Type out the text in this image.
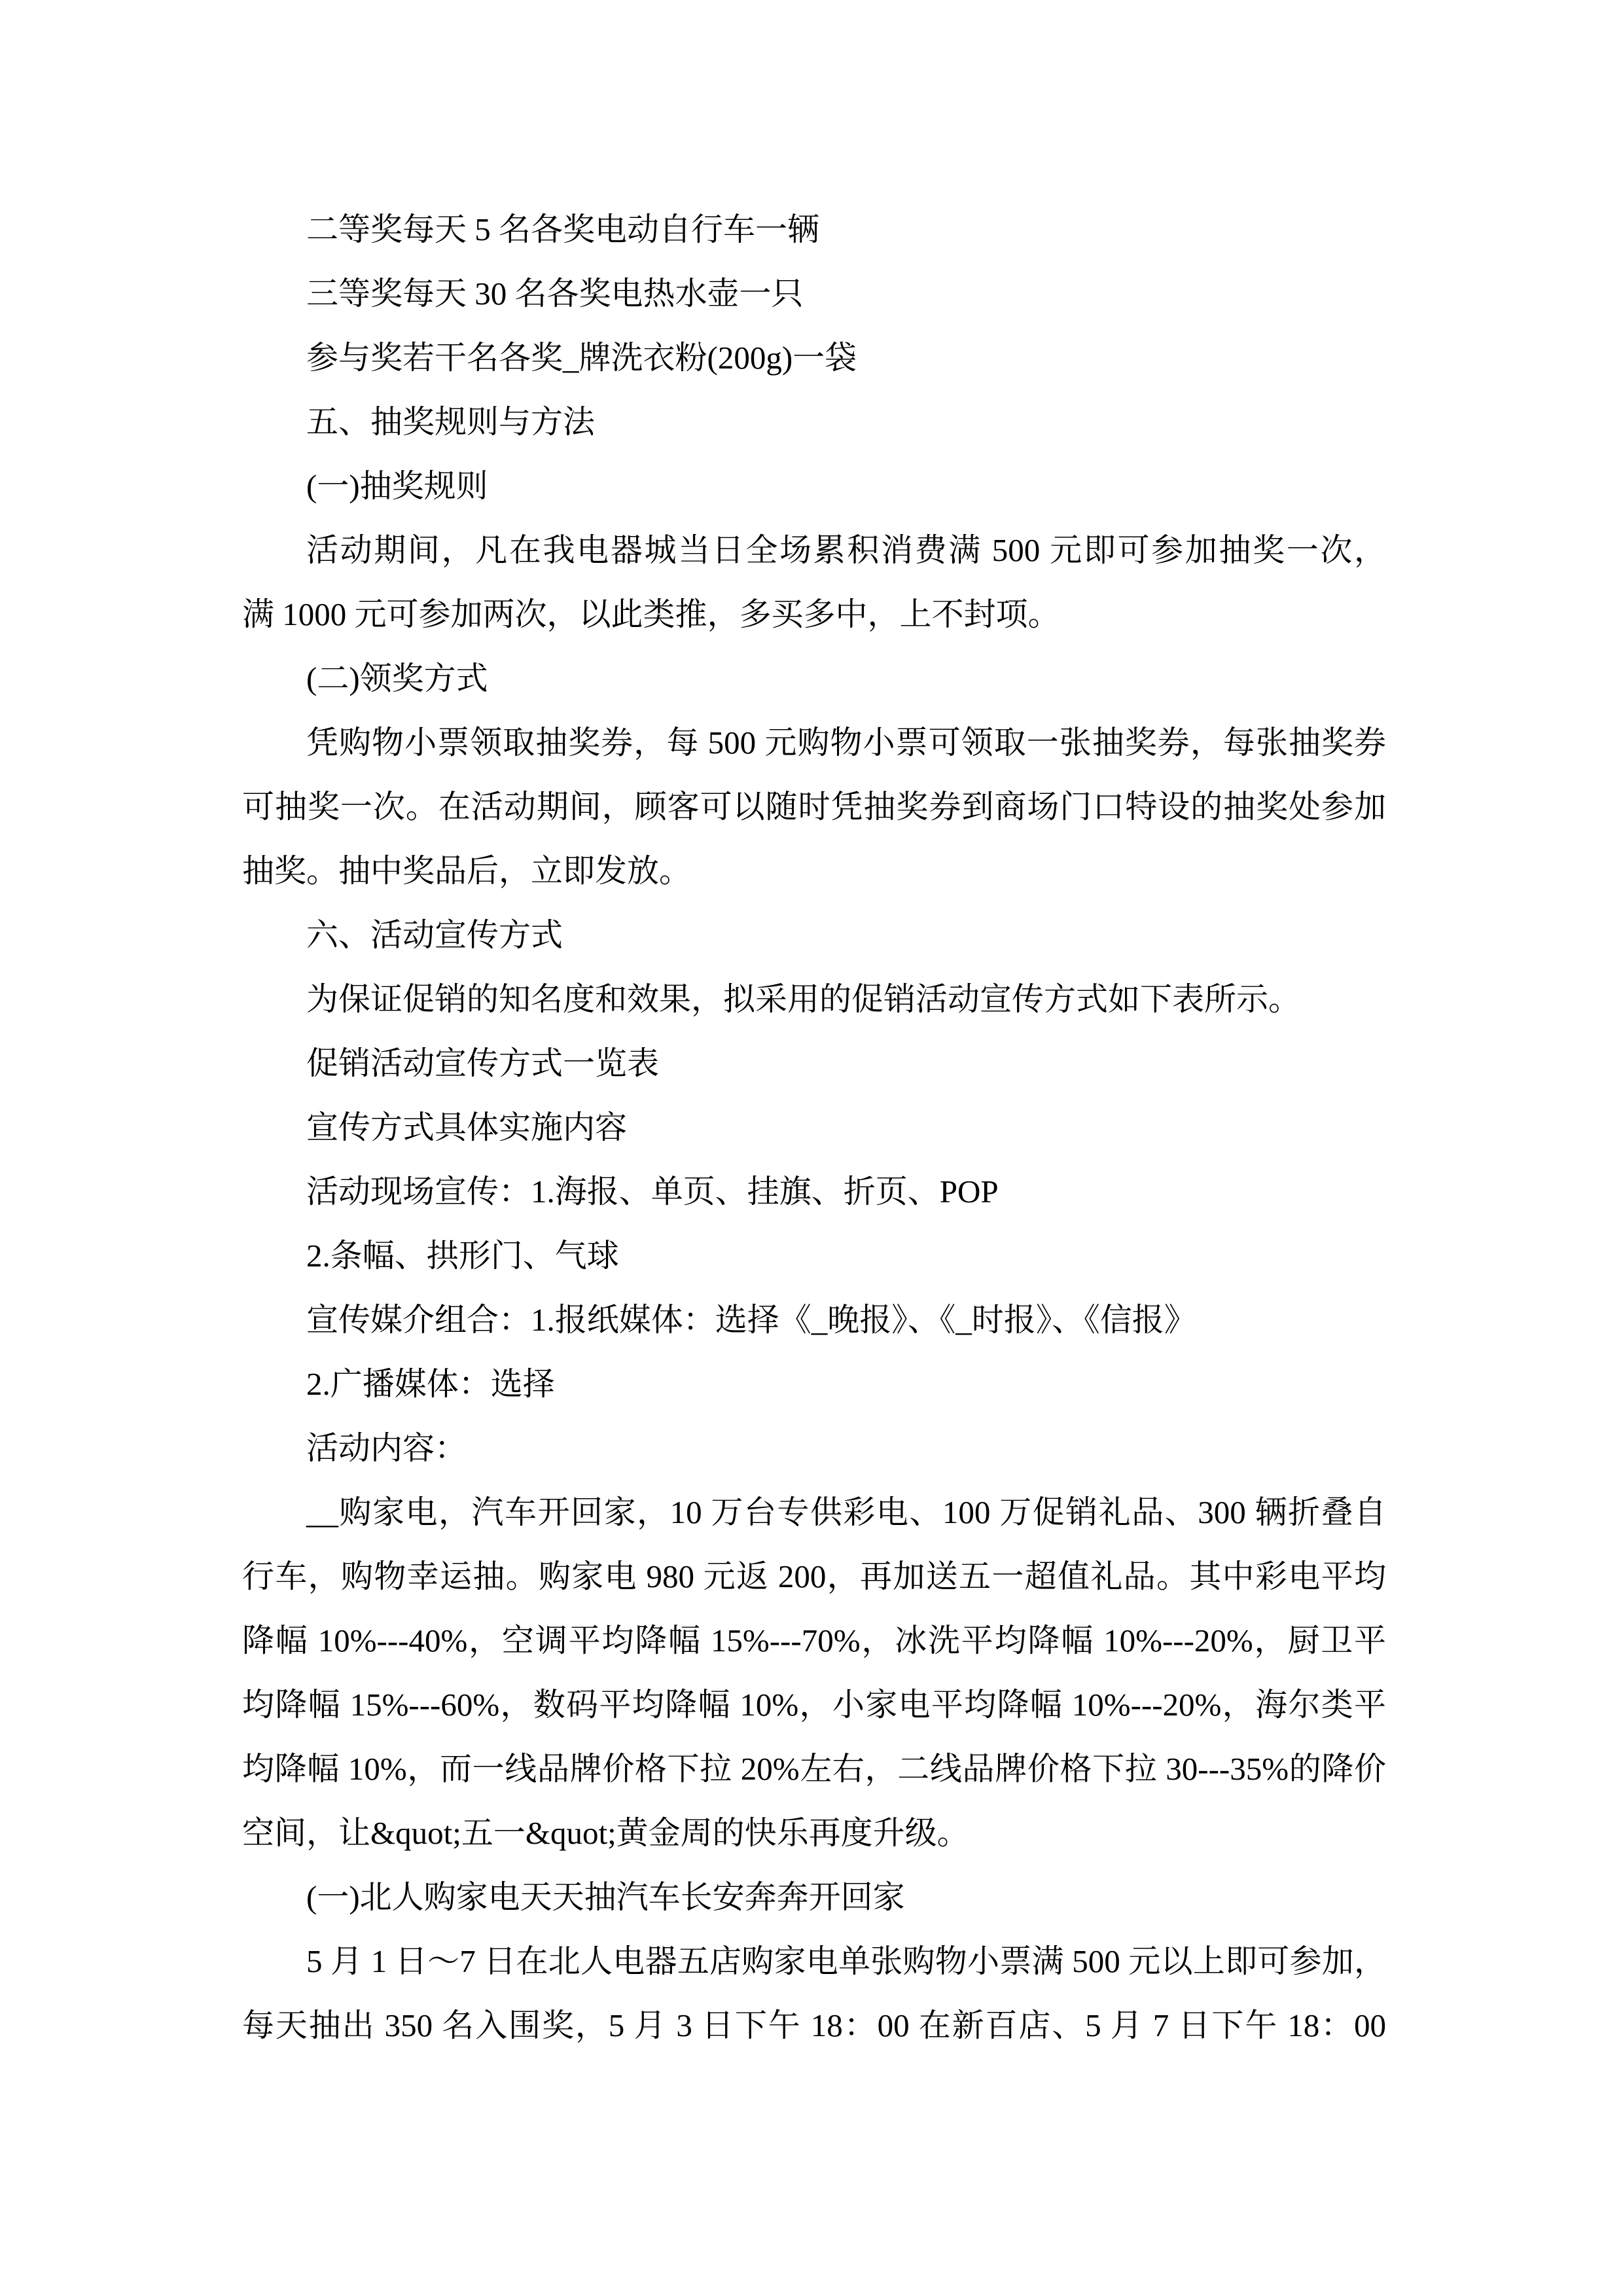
二等奖每天 5 名各奖电动自行车一辆
三等奖每天 30 名各奖电热水壶一只
参与奖若干名各奖_牌洗衣粉(200g)一袋
五、抽奖规则与方法
(一)抽奖规则
活动期间，凡在我电器城当日全场累积消费满 500 元即可参加抽奖一次，
满 1000 元可参加两次，以此类推，多买多中，上不封项。
(二)领奖方式
凭购物小票领取抽奖券，每 500 元购物小票可领取一张抽奖券，每张抽奖券
可抽奖一次。在活动期间，顾客可以随时凭抽奖券到商场门口特设的抽奖处参加
抽奖。抽中奖品后，立即发放。
六、活动宣传方式
为保证促销的知名度和效果，拟采用的促销活动宣传方式如下表所示。
促销活动宣传方式一览表
宣传方式具体实施内容
活动现场宣传：1.海报、单页、挂旗、折页、POP
2.条幅、拱形门、气球
宣传媒介组合：1.报纸媒体：选择《_晚报》、《_时报》、《信报》
2.广播媒体：选择
活动内容：
__购家电，汽车开回家，10 万台专供彩电、100 万促销礼品、300 辆折叠自
行车，购物幸运抽。购家电 980 元返 200，再加送五一超值礼品。其中彩电平均
降幅 10%---40%，空调平均降幅 15%---70%，冰洗平均降幅 10%---20%，厨卫平
均降幅 15%---60%，数码平均降幅 10%，小家电平均降幅 10%---20%，海尔类平
均降幅 10%，而一线品牌价格下拉 20%左右，二线品牌价格下拉 30---35%的降价
空间，让&quot;五一&quot;黄金周的快乐再度升级。
(一)北人购家电天天抽汽车长安奔奔开回家
5 月 1 日～7 日在北人电器五店购家电单张购物小票满 500 元以上即可参加，
每天抽出 350 名入围奖，5 月 3 日下午 18：00 在新百店、5 月 7 日下午 18：00
